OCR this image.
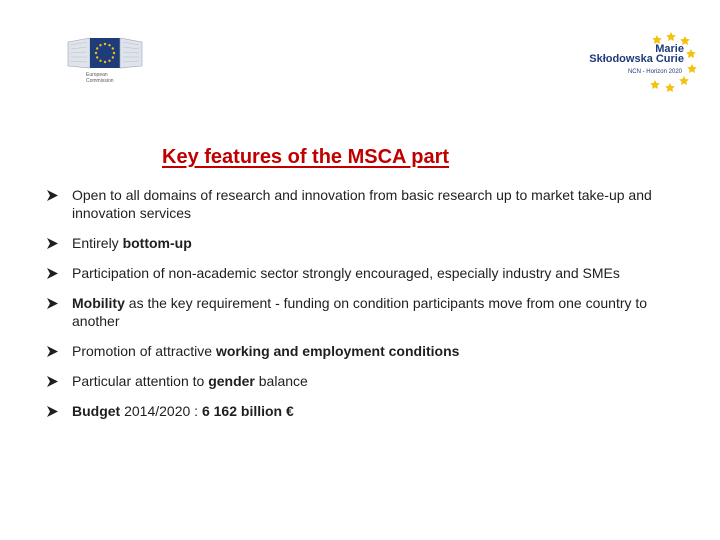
European
Commission
Marie
Skłodowska Curie
NCN - Horizon 2020
Key features of the MSCA part
Open to all domains of research and innovation from basic research up to market take-up and innovation services
Entirely bottom-up
Participation of non-academic sector strongly encouraged, especially industry and SMEs
Mobility as the key requirement - funding on condition participants move from one country to another
Promotion of attractive working and employment conditions
Particular attention to gender balance
Budget 2014/2020 : 6 162 billion €
